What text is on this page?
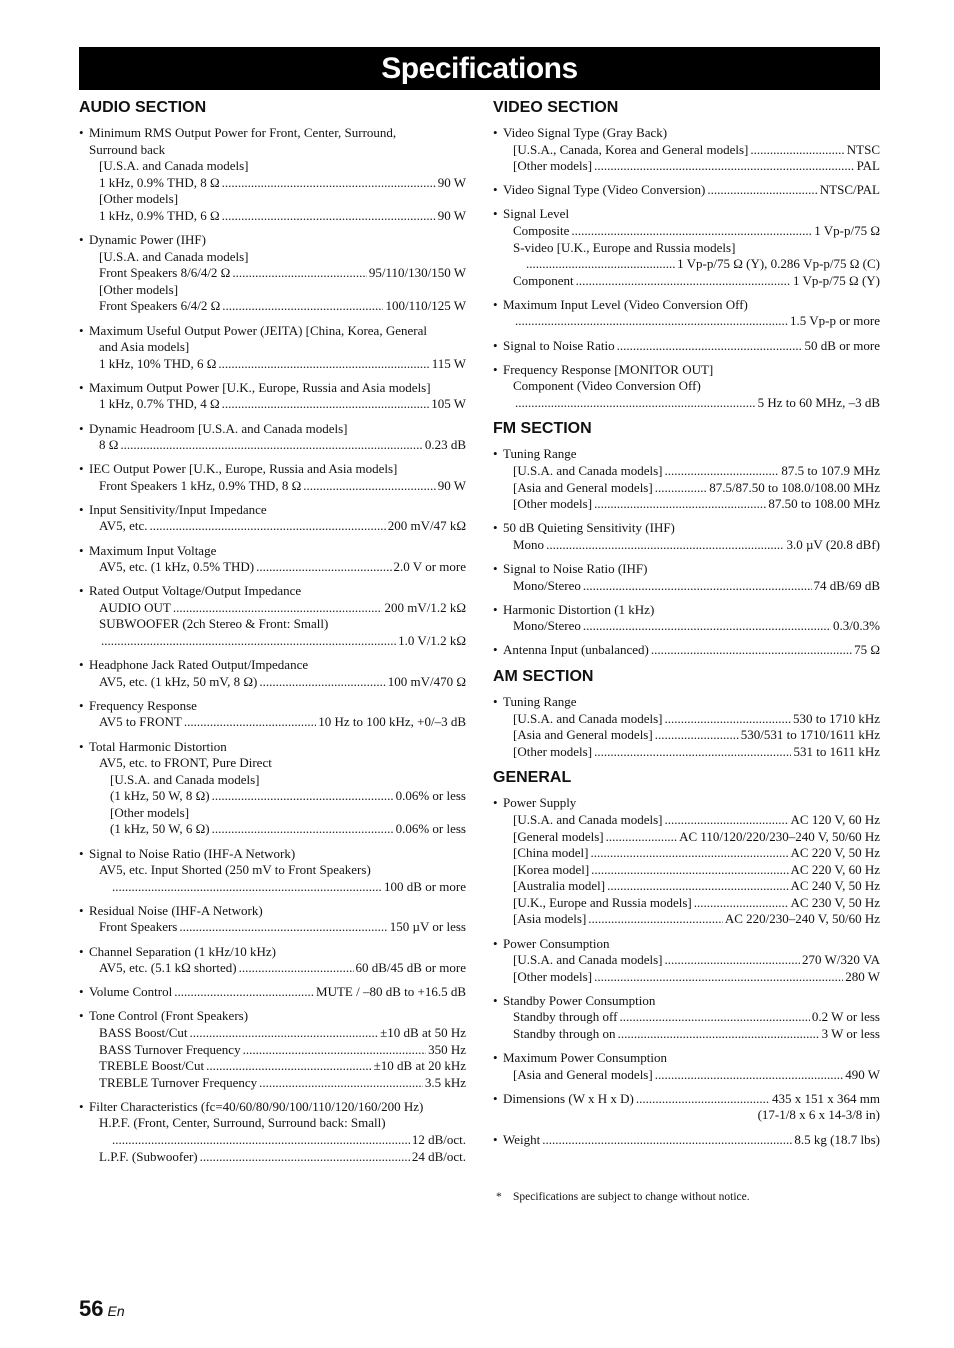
Specifications
AUDIO SECTION
• Minimum RMS Output Power for Front, Center, Surround,
Surround back
[U.S.A. and Canada models]
1 kHz, 0.9% THD, 8 Ω .....	90 W
[Other models]
1 kHz, 0.9% THD, 6 Ω .....	90 W
• Dynamic Power (IHF)
[U.S.A. and Canada models]
Front Speakers 8/6/4/2 Ω .....	95/110/130/150 W
[Other models]
Front Speakers 6/4/2 Ω .....	100/110/125 W
• Maximum Useful Output Power (JEITA) [China, Korea, General
and Asia models]
1 kHz, 10% THD, 6 Ω .....	115 W
• Maximum Output Power [U.K., Europe, Russia and Asia models]
1 kHz, 0.7% THD, 4 Ω .....	105 W
• Dynamic Headroom [U.S.A. and Canada models]
8 Ω .....	0.23 dB
• IEC Output Power [U.K., Europe, Russia and Asia models]
Front Speakers 1 kHz, 0.9% THD, 8 Ω .....	90 W
• Input Sensitivity/Input Impedance
AV5, etc. .....	200 mV/47 kΩ
• Maximum Input Voltage
AV5, etc. (1 kHz, 0.5% THD) .....	2.0 V or more
• Rated Output Voltage/Output Impedance
AUDIO OUT .....	200 mV/1.2 kΩ
SUBWOOFER (2ch Stereo & Front: Small)
.....
1.0 V/1.2 kΩ
• Headphone Jack Rated Output/Impedance
AV5, etc. (1 kHz, 50 mV, 8 Ω) .....	100 mV/470 Ω
• Frequency Response
AV5 to FRONT .....	10 Hz to 100 kHz, +0/–3 dB
• Total Harmonic Distortion
AV5, etc. to FRONT, Pure Direct
[U.S.A. and Canada models]
(1 kHz, 50 W, 8 Ω) .....	0.06% or less
[Other models]
(1 kHz, 50 W, 6 Ω) .....	0.06% or less
• Signal to Noise Ratio (IHF-A Network)
AV5, etc. Input Shorted (250 mV to Front Speakers)
.....
100 dB or more
• Residual Noise (IHF-A Network)
Front Speakers .....	150 µV or less
• Channel Separation (1 kHz/10 kHz)
AV5, etc. (5.1 kΩ shorted) .....	60 dB/45 dB or more
• Volume Control .....	MUTE / –80 dB to +16.5 dB
• Tone Control (Front Speakers)
BASS Boost/Cut .....	±10 dB at 50 Hz
BASS Turnover Frequency .....	350 Hz
TREBLE Boost/Cut .....	±10 dB at 20 kHz
TREBLE Turnover Frequency .....	3.5 kHz
• Filter Characteristics (fc=40/60/80/90/100/110/120/160/200 Hz)
H.P.F. (Front, Center, Surround, Surround back: Small)
.....
12 dB/oct.
L.P.F. (Subwoofer) .....	24 dB/oct.
VIDEO SECTION
• Video Signal Type (Gray Back)
[U.S.A., Canada, Korea and General models] .....	NTSC
[Other models] .....	PAL
• Video Signal Type (Video Conversion) .....	NTSC/PAL
• Signal Level
Composite .....	1 Vp-p/75 Ω
S-video [U.K., Europe and Russia models]
.....
1 Vp-p/75 Ω (Y), 0.286 Vp-p/75 Ω (C)
Component .....	1 Vp-p/75 Ω (Y)
• Maximum Input Level (Video Conversion Off)
.....
1.5 Vp-p or more
• Signal to Noise Ratio .....	50 dB or more
• Frequency Response [MONITOR OUT]
Component (Video Conversion Off)
.....
5 Hz to 60 MHz, –3 dB
FM SECTION
• Tuning Range
[U.S.A. and Canada models] .....	87.5 to 107.9 MHz
[Asia and General models] .....	87.5/87.50 to 108.0/108.00 MHz
[Other models] .....	87.50 to 108.00 MHz
• 50 dB Quieting Sensitivity (IHF)
Mono .....	3.0 µV (20.8 dBf)
• Signal to Noise Ratio (IHF)
Mono/Stereo .....	74 dB/69 dB
• Harmonic Distortion (1 kHz)
Mono/Stereo .....	0.3/0.3%
• Antenna Input (unbalanced) .....	75 Ω
AM SECTION
• Tuning Range
[U.S.A. and Canada models] .....	530 to 1710 kHz
[Asia and General models] .....	530/531 to 1710/1611 kHz
[Other models] .....	531 to 1611 kHz
GENERAL
• Power Supply
[U.S.A. and Canada models] .....	AC 120 V, 60 Hz
[General models] .....	AC 110/120/220/230–240 V, 50/60 Hz
[China model] .....	AC 220 V, 50 Hz
[Korea model] .....	AC 220 V, 60 Hz
[Australia model] .....	AC 240 V, 50 Hz
[U.K., Europe and Russia models] .....	AC 230 V, 50 Hz
[Asia models] .....	AC 220/230–240 V, 50/60 Hz
• Power Consumption
[U.S.A. and Canada models] .....	270 W/320 VA
[Other models] .....	280 W
• Standby Power Consumption
Standby through off .....	0.2 W or less
Standby through on .....	3 W or less
• Maximum Power Consumption
[Asia and General models] .....	490 W
• Dimensions (W x H x D) .....	435 x 151 x 364 mm
(17-1/8 x 6 x 14-3/8 in)
• Weight .....	8.5 kg (18.7 lbs)
* Specifications are subject to change without notice.
56 En
